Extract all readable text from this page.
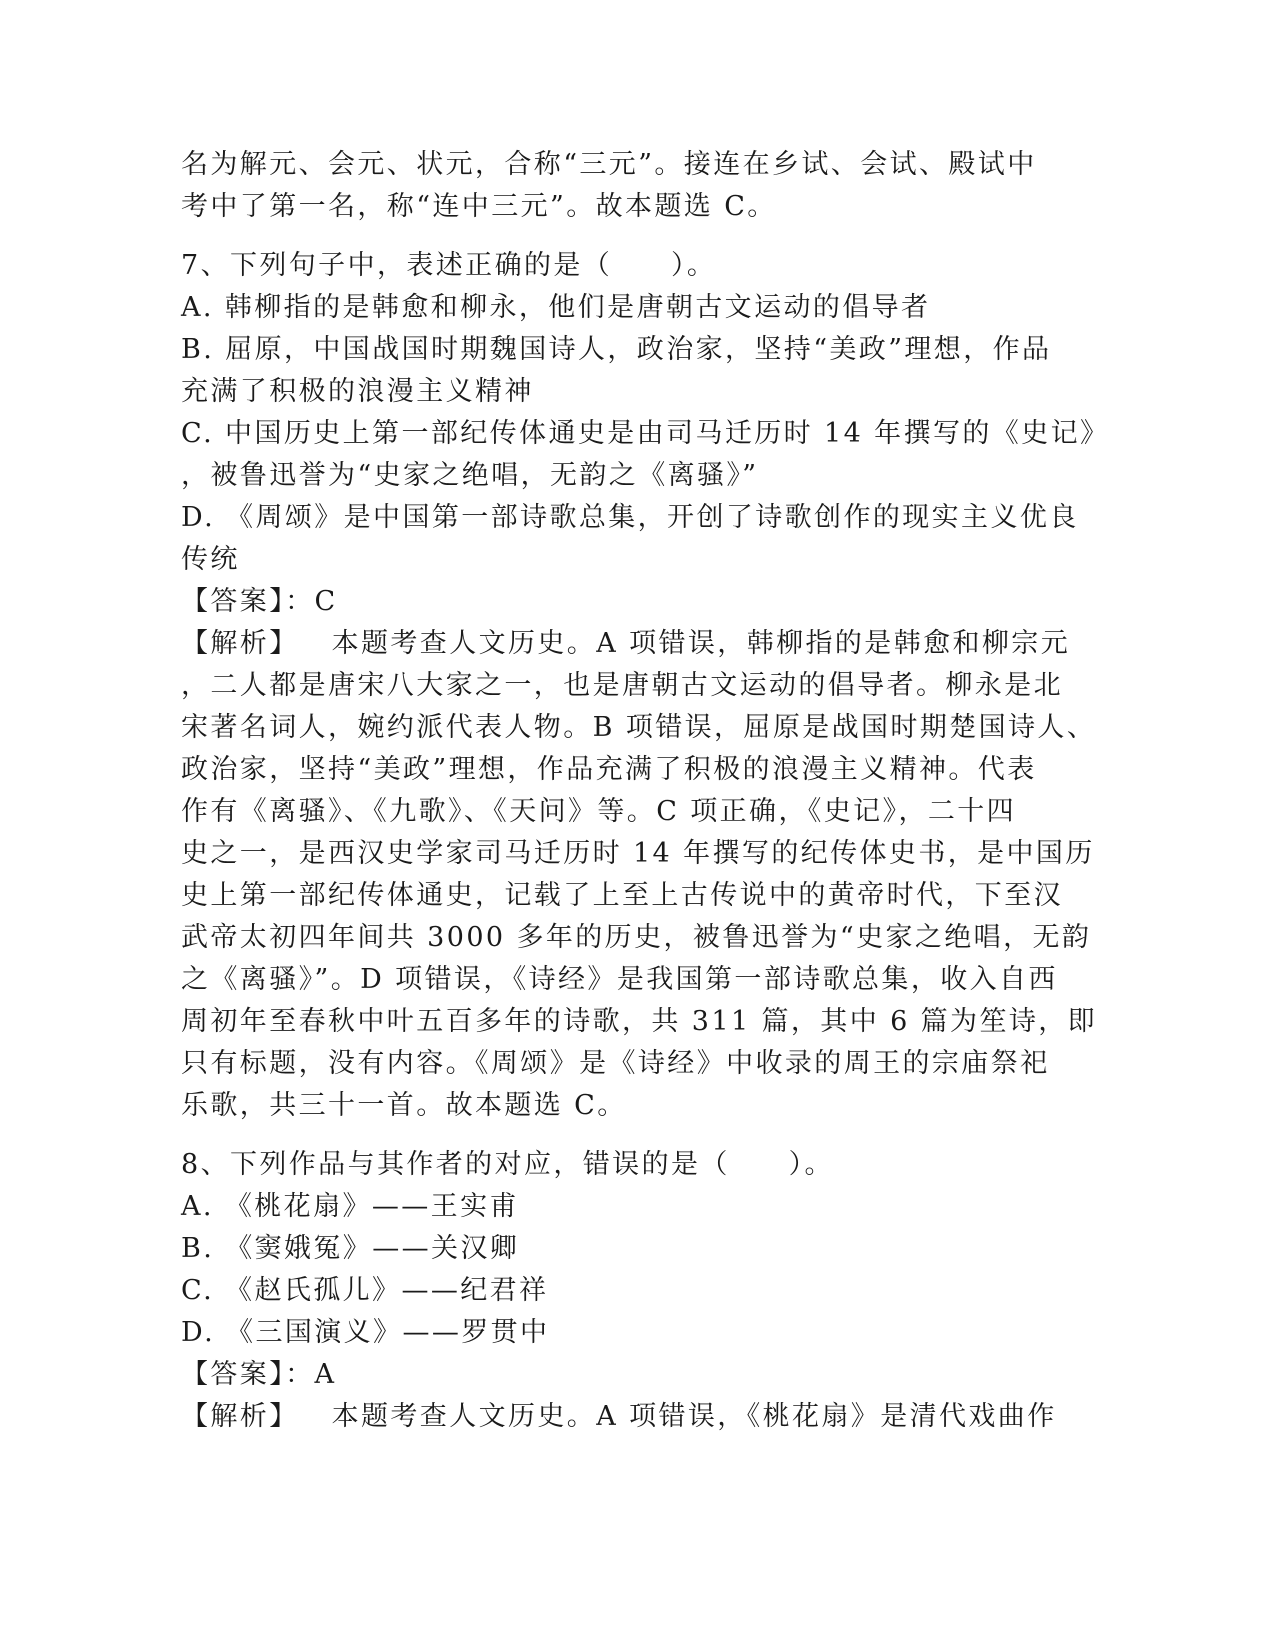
名为解元、会元、状元，合称“三元”。接连在乡试、会试、殿试中
考中了第一名，称“连中三元”。故本题选 C。
7、下列句子中，表述正确的是（　　）。
A. 韩柳指的是韩愈和柳永，他们是唐朝古文运动的倡导者
B. 屈原，中国战国时期魏国诗人，政治家，坚持“美政”理想，作品
充满了积极的浪漫主义精神
C. 中国历史上第一部纪传体通史是由司马迁历时 14 年撰写的《史记》
，被鲁迅誉为“史家之绝唱，无韵之《离骚》”
D. 《周颂》是中国第一部诗歌总集，开创了诗歌创作的现实主义优良
传统
【答案】：C
【解析】 本题考查人文历史。A 项错误，韩柳指的是韩愈和柳宗元
，二人都是唐宋八大家之一，也是唐朝古文运动的倡导者。柳永是北
宋著名词人，婉约派代表人物。B 项错误，屈原是战国时期楚国诗人、
政治家，坚持“美政”理想，作品充满了积极的浪漫主义精神。代表
作有《离骚》、《九歌》、《天问》等。C 项正确，《史记》，二十四
史之一，是西汉史学家司马迁历时 14 年撰写的纪传体史书，是中国历
史上第一部纪传体通史，记载了上至上古传说中的黄帝时代，下至汉
武帝太初四年间共 3000 多年的历史，被鲁迅誉为“史家之绝唱，无韵
之《离骚》”。D 项错误，《诗经》是我国第一部诗歌总集，收入自西
周初年至春秋中叶五百多年的诗歌，共 311 篇，其中 6 篇为笙诗，即
只有标题，没有内容。《周颂》是《诗经》中收录的周王的宗庙祭祀
乐歌，共三十一首。故本题选 C。
8、下列作品与其作者的对应，错误的是（　　）。
A. 《桃花扇》——王实甫
B. 《窦娥冤》——关汉卿
C. 《赵氏孤儿》——纪君祥
D. 《三国演义》——罗贯中
【答案】：A
【解析】 本题考查人文历史。A 项错误，《桃花扇》是清代戏曲作
